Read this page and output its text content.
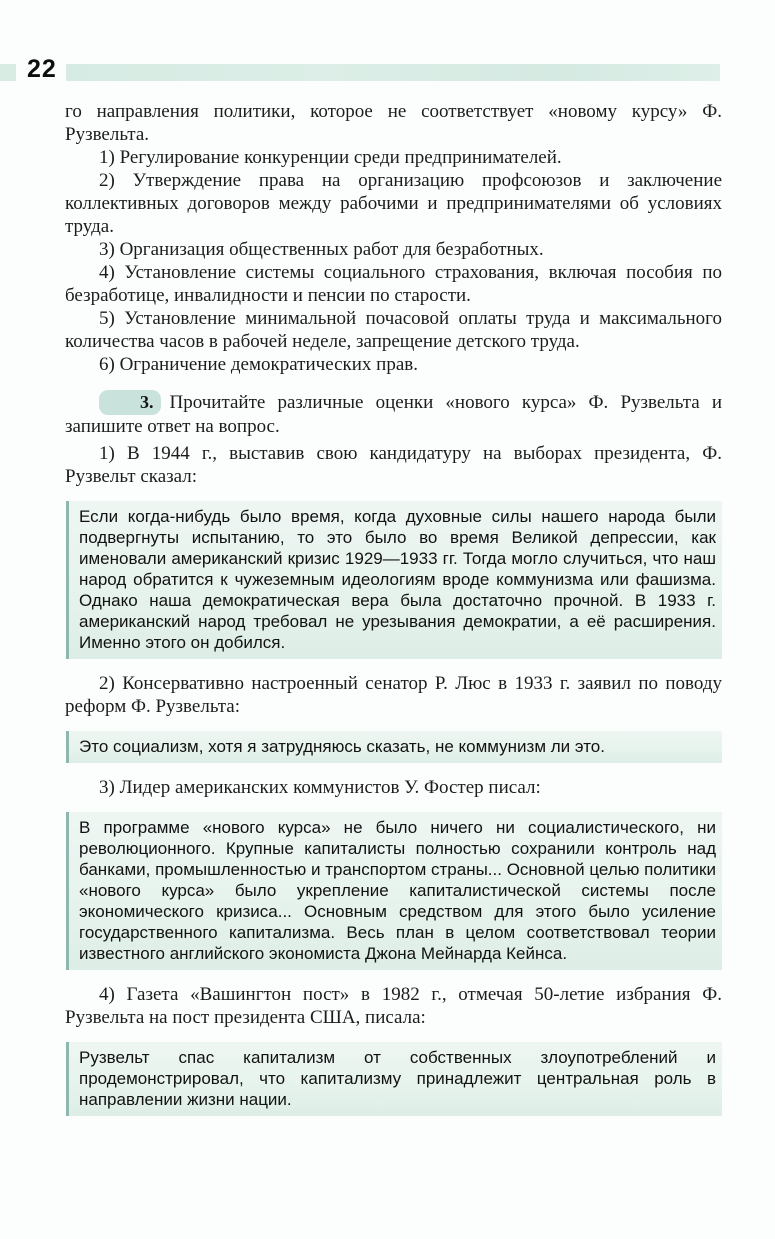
22

го направления политики, которое не соответствует «новому курсу» Ф. Рузвельта.

1) Регулирование конкуренции среди предпринимателей.

2) Утверждение права на организацию профсоюзов и заключение коллективных договоров между рабочими и предпринимателями об условиях труда.

3) Организация общественных работ для безработных.

4) Установление системы социального страхования, включая пособия по безработице, инвалидности и пенсии по старости.

5) Установление минимальной почасовой оплаты труда и максимального количества часов в рабочей неделе, запрещение детского труда.

6) Ограничение демократических прав.

3. Прочитайте различные оценки «нового курса» Ф. Рузвельта и запишите ответ на вопрос.

1) В 1944 г., выставив свою кандидатуру на выборах президента, Ф. Рузвельт сказал:

Если когда-нибудь было время, когда духовные силы нашего народа были подвергнуты испытанию, то это было во время Великой депрессии, как именовали американский кризис 1929—1933 гг. Тогда могло случиться, что наш народ обратится к чужеземным идеологиям вроде коммунизма или фашизма. Однако наша демократическая вера была достаточно прочной. В 1933 г. американский народ требовал не урезывания демократии, а её расширения. Именно этого он добился.

2) Консервативно настроенный сенатор Р. Люс в 1933 г. заявил по поводу реформ Ф. Рузвельта:

Это социализм, хотя я затрудняюсь сказать, не коммунизм ли это.

3) Лидер американских коммунистов У. Фостер писал:

В программе «нового курса» не было ничего ни социалистического, ни революционного. Крупные капиталисты полностью сохранили контроль над банками, промышленностью и транспортом страны... Основной целью политики «нового курса» было укрепление капиталистической системы после экономического кризиса... Основным средством для этого было усиление государственного капитализма. Весь план в целом соответствовал теории известного английского экономиста Джона Мейнарда Кейнса.

4) Газета «Вашингтон пост» в 1982 г., отмечая 50-летие избрания Ф. Рузвельта на пост президента США, писала:

Рузвельт спас капитализм от собственных злоупотреблений и продемонстрировал, что капитализму принадлежит центральная роль в направлении жизни нации.
